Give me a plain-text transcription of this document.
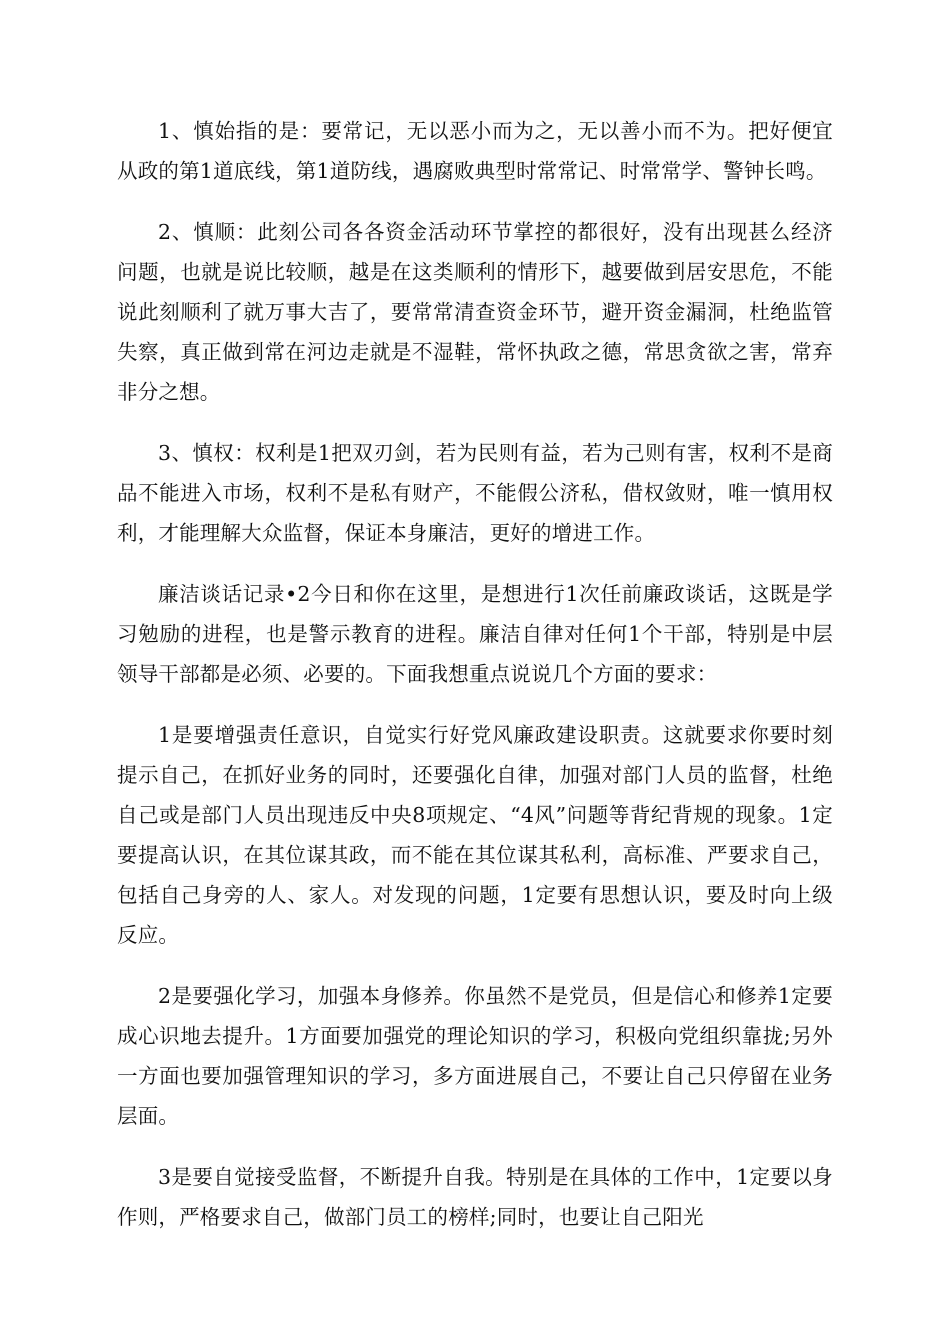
1、慎始指的是：要常记，无以恶小而为之，无以善小而不为。把好便宜从政的第1道底线，第1道防线，遇腐败典型时常常记、时常常学、警钟长鸣。

2、慎顺：此刻公司各各资金活动环节掌控的都很好，没有出现甚么经济问题，也就是说比较顺，越是在这类顺利的情形下，越要做到居安思危，不能说此刻顺利了就万事大吉了，要常常清查资金环节，避开资金漏洞，杜绝监管失察，真正做到常在河边走就是不湿鞋，常怀执政之德，常思贪欲之害，常弃非分之想。

3、慎权：权利是1把双刃剑，若为民则有益，若为己则有害，权利不是商品不能进入市场，权利不是私有财产，不能假公济私，借权敛财，唯一慎用权利，才能理解大众监督，保证本身廉洁，更好的增进工作。

廉洁谈话记录•2今日和你在这里，是想进行1次任前廉政谈话，这既是学习勉励的进程，也是警示教育的进程。廉洁自律对任何1个干部，特别是中层领导干部都是必须、必要的。下面我想重点说说几个方面的要求：

1是要增强责任意识，自觉实行好党风廉政建设职责。这就要求你要时刻提示自己，在抓好业务的同时，还要强化自律，加强对部门人员的监督，杜绝自己或是部门人员出现违反中央8项规定、“4风”问题等背纪背规的现象。1定要提高认识，在其位谋其政，而不能在其位谋其私利，高标准、严要求自己，包括自己身旁的人、家人。对发现的问题，1定要有思想认识，要及时向上级反应。

2是要强化学习，加强本身修养。你虽然不是党员，但是信心和修养1定要成心识地去提升。1方面要加强党的理论知识的学习，积极向党组织靠拢;另外一方面也要加强管理知识的学习，多方面进展自己，不要让自己只停留在业务层面。

3是要自觉接受监督，不断提升自我。特别是在具体的工作中，1定要以身作则，严格要求自己，做部门员工的榜样;同时，也要让自己阳光
